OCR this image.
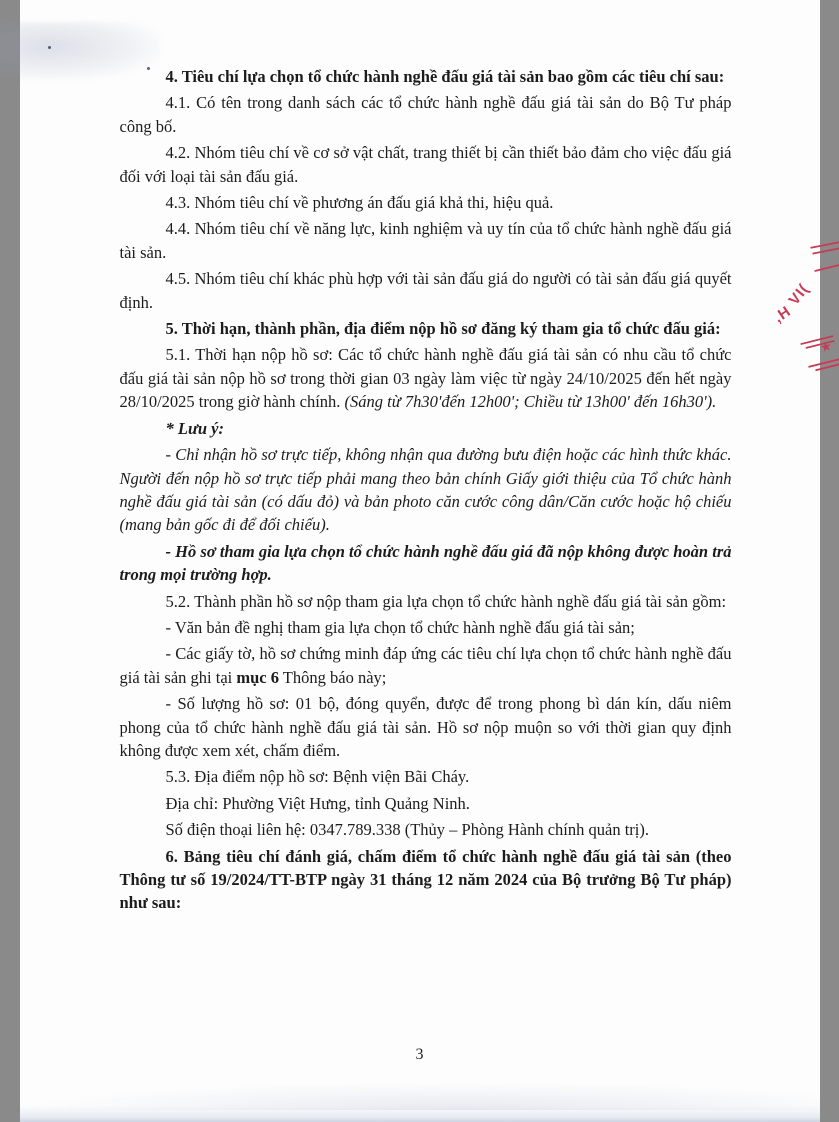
4. Tiêu chí lựa chọn tổ chức hành nghề đấu giá tài sản bao gồm các tiêu chí sau:

4.1. Có tên trong danh sách các tổ chức hành nghề đấu giá tài sản do Bộ Tư pháp công bố.

4.2. Nhóm tiêu chí về cơ sở vật chất, trang thiết bị cần thiết bảo đảm cho việc đấu giá đối với loại tài sản đấu giá.

4.3. Nhóm tiêu chí về phương án đấu giá khả thi, hiệu quả.

4.4. Nhóm tiêu chí về năng lực, kinh nghiệm và uy tín của tổ chức hành nghề đấu giá tài sản.

4.5. Nhóm tiêu chí khác phù hợp với tài sản đấu giá do người có tài sản đấu giá quyết định.

5. Thời hạn, thành phần, địa điểm nộp hồ sơ đăng ký tham gia tổ chức đấu giá:

5.1. Thời hạn nộp hồ sơ: Các tổ chức hành nghề đấu giá tài sản có nhu cầu tổ chức đấu giá tài sản nộp hồ sơ trong thời gian 03 ngày làm việc từ ngày 24/10/2025 đến hết ngày 28/10/2025 trong giờ hành chính. (Sáng từ 7h30'đến 12h00'; Chiều từ 13h00' đến 16h30').

* Lưu ý:

- Chỉ nhận hồ sơ trực tiếp, không nhận qua đường bưu điện hoặc các hình thức khác. Người đến nộp hồ sơ trực tiếp phải mang theo bản chính Giấy giới thiệu của Tổ chức hành nghề đấu giá tài sản (có dấu đỏ) và bản photo căn cước công dân/Căn cước hoặc hộ chiếu (mang bản gốc đi để đối chiếu).

- Hồ sơ tham gia lựa chọn tổ chức hành nghề đấu giá đã nộp không được hoàn trả trong mọi trường hợp.

5.2. Thành phần hồ sơ nộp tham gia lựa chọn tổ chức hành nghề đấu giá tài sản gồm:

- Văn bản đề nghị tham gia lựa chọn tổ chức hành nghề đấu giá tài sản;

- Các giấy tờ, hồ sơ chứng minh đáp ứng các tiêu chí lựa chọn tổ chức hành nghề đấu giá tài sản ghi tại mục 6 Thông báo này;

- Số lượng hồ sơ: 01 bộ, đóng quyển, được để trong phong bì dán kín, dấu niêm phong của tổ chức hành nghề đấu giá tài sản. Hồ sơ nộp muộn so với thời gian quy định không được xem xét, chấm điểm.

5.3. Địa điểm nộp hồ sơ: Bệnh viện Bãi Cháy.

Địa chỉ: Phường Việt Hưng, tỉnh Quảng Ninh.

Số điện thoại liên hệ: 0347.789.338 (Thủy – Phòng Hành chính quản trị).

6. Bảng tiêu chí đánh giá, chấm điểm tổ chức hành nghề đấu giá tài sản (theo Thông tư số 19/2024/TT-BTP ngày 31 tháng 12 năm 2024 của Bộ trưởng Bộ Tư pháp) như sau:

VI(
,H
★
3
